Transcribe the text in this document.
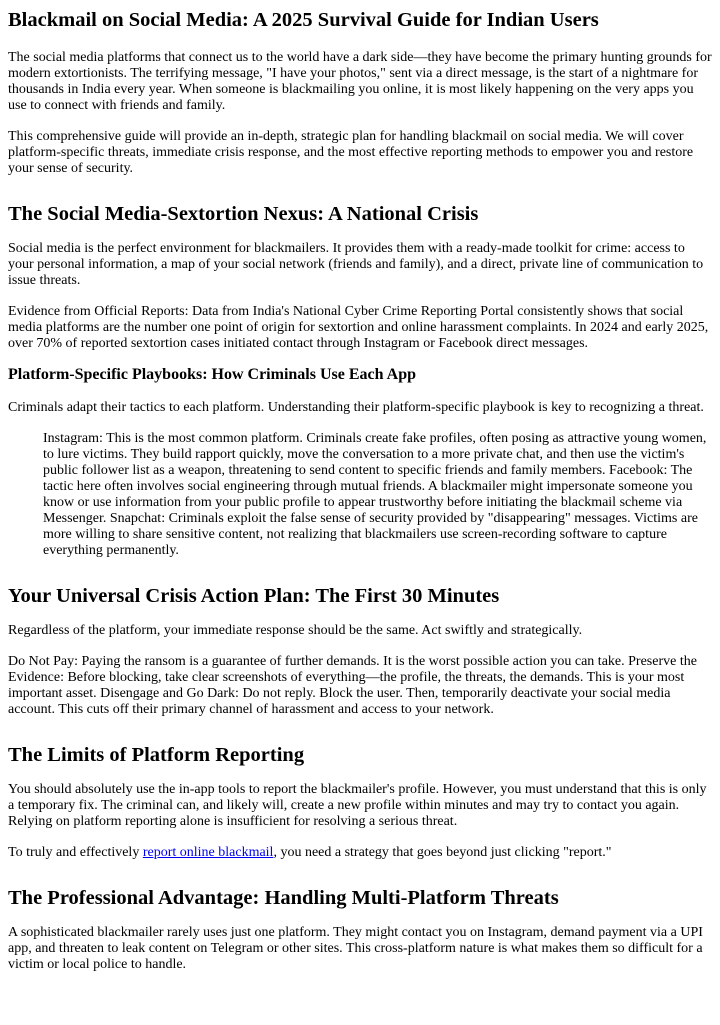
Blackmail on Social Media: A 2025 Survival Guide for Indian Users

The social media platforms that connect us to the world have a dark side—they have become the primary hunting grounds for modern extortionists. The terrifying message, "I have your photos," sent via a direct message, is the start of a nightmare for thousands in India every year. When someone is blackmailing you online, it is most likely happening on the very apps you use to connect with friends and family.

This comprehensive guide will provide an in-depth, strategic plan for handling blackmail on social media. We will cover platform-specific threats, immediate crisis response, and the most effective reporting methods to empower you and restore your sense of security.

The Social Media-Sextortion Nexus: A National Crisis

Social media is the perfect environment for blackmailers. It provides them with a ready-made toolkit for crime: access to your personal information, a map of your social network (friends and family), and a direct, private line of communication to issue threats.

Evidence from Official Reports: Data from India's National Cyber Crime Reporting Portal consistently shows that social media platforms are the number one point of origin for sextortion and online harassment complaints. In 2024 and early 2025, over 70% of reported sextortion cases initiated contact through Instagram or Facebook direct messages.

Platform-Specific Playbooks: How Criminals Use Each App

Criminals adapt their tactics to each platform. Understanding their platform-specific playbook is key to recognizing a threat.

Instagram: This is the most common platform. Criminals create fake profiles, often posing as attractive young women, to lure victims. They build rapport quickly, move the conversation to a more private chat, and then use the victim's public follower list as a weapon, threatening to send content to specific friends and family members. Facebook: The tactic here often involves social engineering through mutual friends. A blackmailer might impersonate someone you know or use information from your public profile to appear trustworthy before initiating the blackmail scheme via Messenger. Snapchat: Criminals exploit the false sense of security provided by "disappearing" messages. Victims are more willing to share sensitive content, not realizing that blackmailers use screen-recording software to capture everything permanently.
Your Universal Crisis Action Plan: The First 30 Minutes

Regardless of the platform, your immediate response should be the same. Act swiftly and strategically.

Do Not Pay: Paying the ransom is a guarantee of further demands. It is the worst possible action you can take. Preserve the Evidence: Before blocking, take clear screenshots of everything—the profile, the threats, the demands. This is your most important asset. Disengage and Go Dark: Do not reply. Block the user. Then, temporarily deactivate your social media account. This cuts off their primary channel of harassment and access to your network.

The Limits of Platform Reporting

You should absolutely use the in-app tools to report the blackmailer's profile. However, you must understand that this is only a temporary fix. The criminal can, and likely will, create a new profile within minutes and may try to contact you again. Relying on platform reporting alone is insufficient for resolving a serious threat.

To truly and effectively report online blackmail, you need a strategy that goes beyond just clicking "report."

The Professional Advantage: Handling Multi-Platform Threats

A sophisticated blackmailer rarely uses just one platform. They might contact you on Instagram, demand payment via a UPI app, and threaten to leak content on Telegram or other sites. This cross-platform nature is what makes them so difficult for a victim or local police to handle.
